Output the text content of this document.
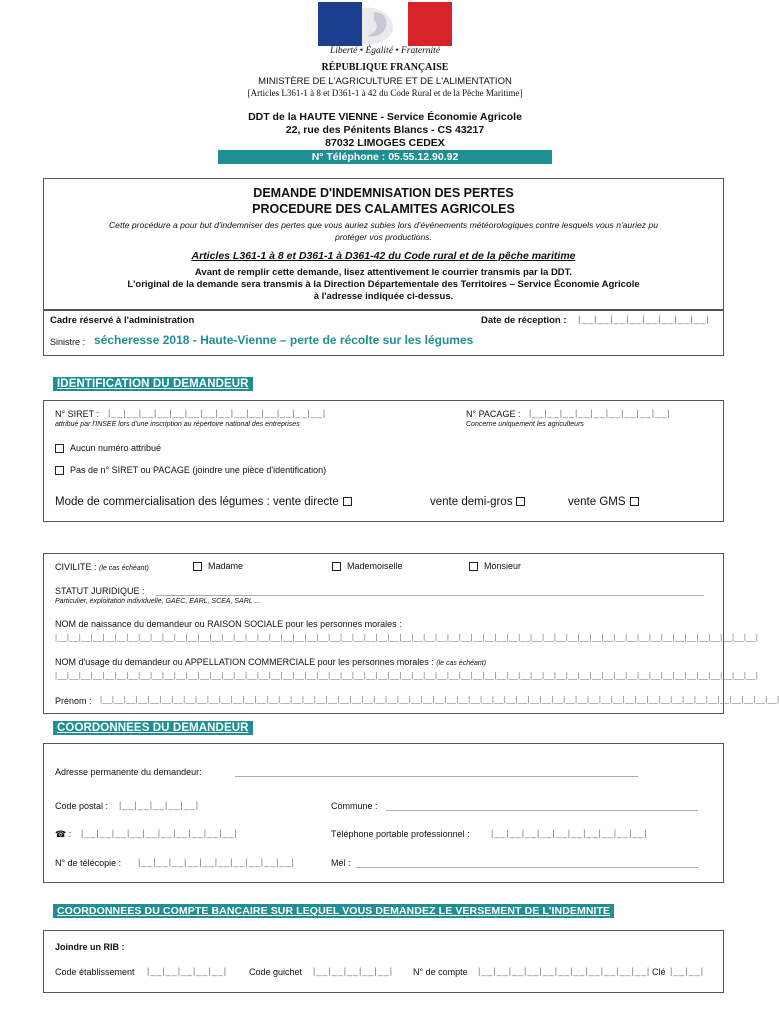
Liberté • Égalité • Fraternité
RÉPUBLIQUE FRANÇAISE
MINISTÈRE DE L'AGRICULTURE ET DE L'ALIMENTATION
[Articles L361-1 à 8 et D361-1 à 42 du Code Rural et de la Pêche Maritime]
DDT de la HAUTE VIENNE - Service Économie Agricole
22, rue des Pénitents Blancs - CS 43217
87032 LIMOGES CEDEX
N° Téléphone : 05.55.12.90.92
DEMANDE D'INDEMNISATION DES PERTES
PROCEDURE DES CALAMITES AGRICOLES
Cette procédure a pour but d'indemniser des pertes que vous auriez subies lors d'événements météorologiques contre lesquels vous n'auriez pu
protéger vos productions.
Articles L361-1 à 8 et D361-1 à D361-42 du Code rural et de la pêche maritime
Avant de remplir cette demande, lisez attentivement le courrier transmis par la DDT.
L'original de la demande sera transmis à la Direction Départementale des Territoires – Service Économie Agricole
à l'adresse indiquée ci-dessus.
Cadre réservé à l'administration	Date de réception : |__|__|__|__|__|__|__|__|
Sinistre : sécheresse 2018 - Haute-Vienne – perte de récolte sur les légumes
IDENTIFICATION DU DEMANDEUR
N° SIRET : |__|__|__|__|__|__|__|__|__|__|__|__|__|__|
attribué par l'INSEE lors d'une inscription au répertoire national des entreprises
N° PACAGE : |__|__|__|__|__|__|__|__|__|
Concerne uniquement les agriculteurs
Aucun numéro attribué
Pas de n° SIRET ou PACAGE (joindre une pièce d'identification)
Mode de commercialisation des légumes : vente directe	vente demi-gros	vente GMS
CIVILITE : (le cas échéant)	Madame	Mademoiselle	Monsieur
STATUT JURIDIQUE :
Particulier, exploitation individuelle, GAEC, EARL, SCEA, SARL ...
NOM de naissance du demandeur ou RAISON SOCIALE pour les personnes morales :
|__|__|__|__|__|__|__|__|__|__|__|__|__|__|__|__|__|__|__|__|__|__|__|__|__|__|__|__|__|__|__|__|__|__|__|__|__|__|__|__|__|__|__|__|__|__|__|__|__|__|__|__|__|__|__|__|__|__|__|
NOM d'usage du demandeur ou APPELLATION COMMERCIALE pour les personnes morales : (le cas échéant)
|__|__|__|__|__|__|__|__|__|__|__|__|__|__|__|__|__|__|__|__|__|__|__|__|__|__|__|__|__|__|__|__|__|__|__|__|__|__|__|__|__|__|__|__|__|__|__|__|__|__|__|__|__|__|__|__|__|__|__|
Prénom : |__|__|__|__|__|__|__|__|__|__|__|__|__|__|__|__|__|__|__|__|__|__|__|__|__|__|__|__|__|__|__|__|__|__|__|__|__|__|__|__|__|__|__|__|__|__|__|__|__|__|__|__|__|__|__|__|__|
COORDONNEES DU DEMANDEUR
Adresse permanente du demandeur:
Code postal : |__|__|__|__|__|	Commune :
☎ : |__|__|__|__|__|__|__|__|__|__|	Téléphone portable professionnel : |__|__|__|__|__|__|__|__|__|__|
N° de télécopie : |__|__|__|__|__|__|__|__|__|__|	Mél :
COORDONNEES DU COMPTE BANCAIRE SUR LEQUEL VOUS DEMANDEZ LE VERSEMENT DE L'INDEMNITE
Joindre un RIB :
Code établissement |__|__|__|__|__| Code guichet |__|__|__|__|__| N° de compte |__|__|__|__|__|__|__|__|__|__|__| Clé |__|__|
